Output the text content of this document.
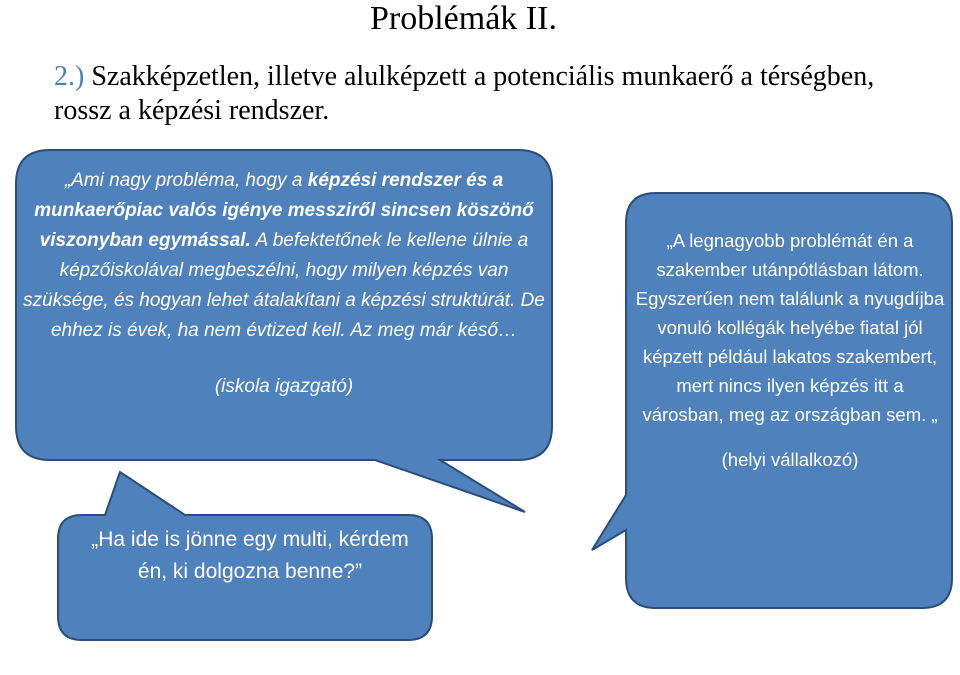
Problémák II.
2.) Szakképzetlen, illetve alulképzett a potenciális munkaerő a térségben, rossz a képzési rendszer.
„Ami nagy probléma, hogy a képzési rendszer és a munkaerőpiac valós igénye messziről sincsen köszönő viszonyban egymással. A befektetőnek le kellene ülnie a képzőiskolával megbeszélni, hogy milyen képzés van szüksége, és hogyan lehet átalakítani a képzési struktúrát. De ehhez is évek, ha nem évtized kell. Az meg már késő…
(iskola igazgató)
„Ha ide is jönne egy multi, kérdem én, ki dolgozna benne?”
„A legnagyobb problémát én a szakember utánpótlásban látom. Egyszerűen nem találunk a nyugdíjba vonuló kollégák helyébe fiatal jól képzett például lakatos szakembert, mert nincs ilyen képzés itt a városban, meg az országban sem. „
(helyi vállalkozó)
